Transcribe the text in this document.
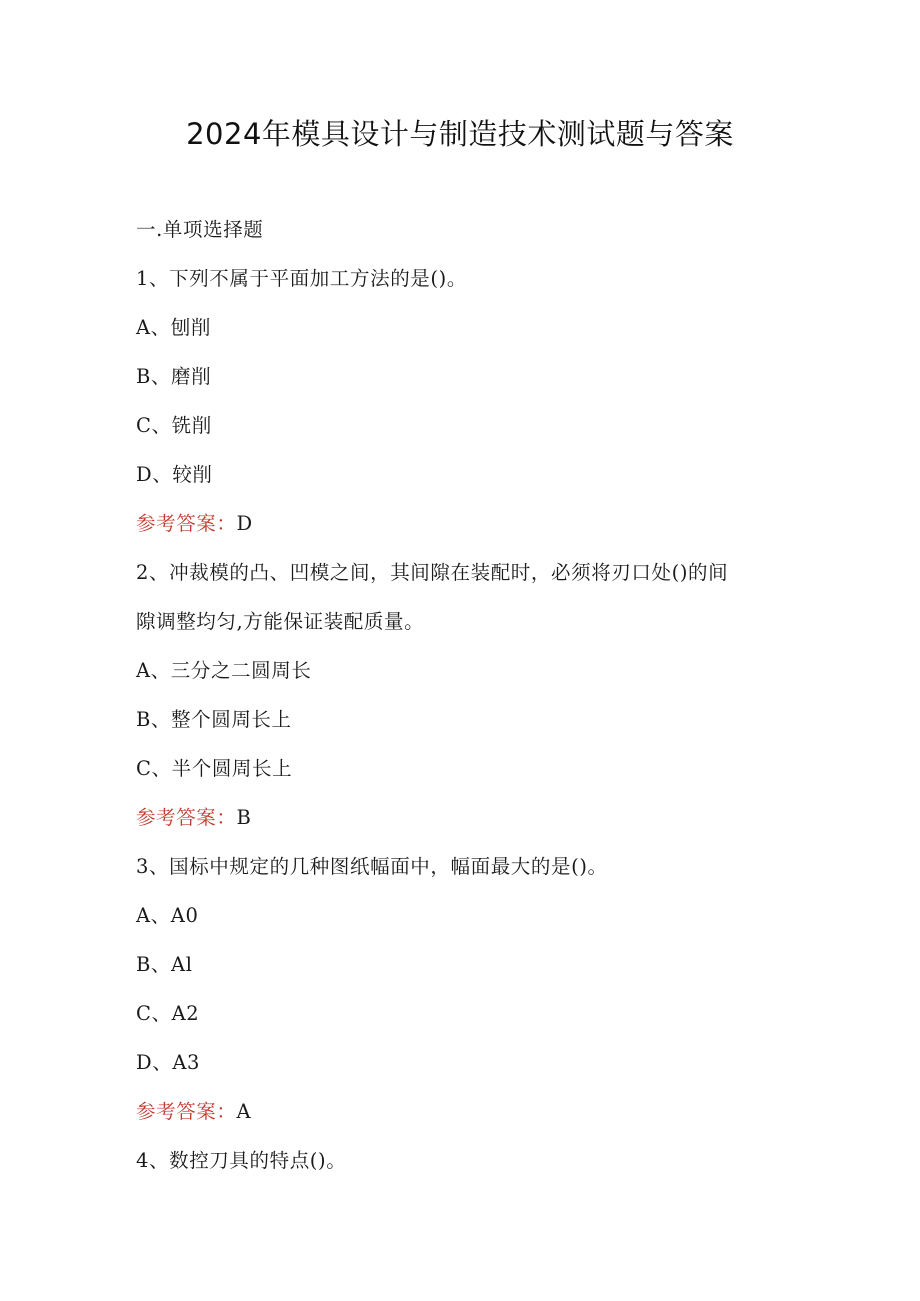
2024年模具设计与制造技术测试题与答案
一.单项选择题
1、下列不属于平面加工方法的是()。
A、刨削
B、磨削
C、铣削
D、较削
参考答案：D
2、冲裁模的凸、凹模之间，其间隙在装配时，必须将刃口处()的间
隙调整均匀,方能保证装配质量。
A、三分之二圆周长
B、整个圆周长上
C、半个圆周长上
参考答案：B
3、国标中规定的几种图纸幅面中，幅面最大的是()。
A、A0
B、Al
C、A2
D、A3
参考答案：A
4、数控刀具的特点()。
